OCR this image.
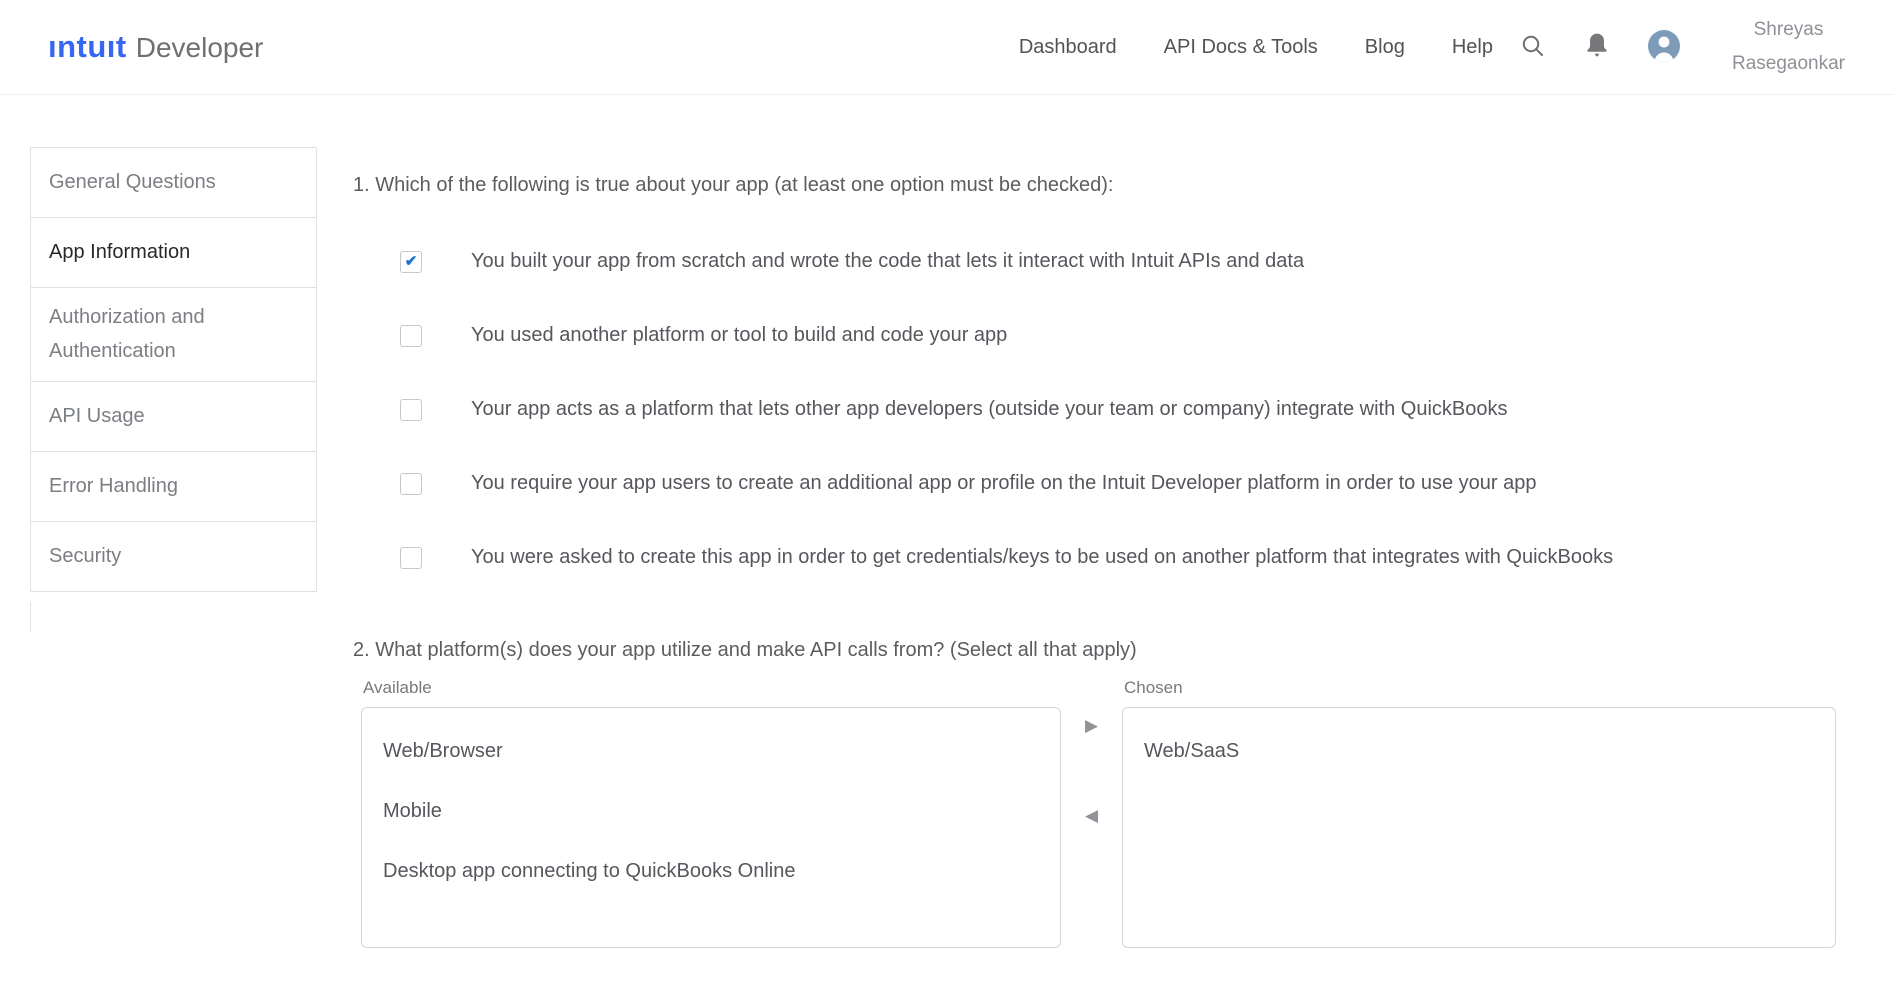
ıntuıt Developer	Dashboard API Docs & Tools Blog Help
Shreyas
Rasegaonkar
General Questions
App Information
Authorization and Authentication
API Usage
Error Handling
Security
1. Which of the following is true about your app (at least one option must be checked):
✔
You built your app from scratch and wrote the code that lets it interact with Intuit APIs and data
You used another platform or tool to build and code your app
Your app acts as a platform that lets other app developers (outside your team or company) integrate with QuickBooks
You require your app users to create an additional app or profile on the Intuit Developer platform in order to use your app
You were asked to create this app in order to get credentials/keys to be used on another platform that integrates with QuickBooks
2. What platform(s) does your app utilize and make API calls from? (Select all that apply)
Available
Web/Browser
Mobile
Desktop app connecting to QuickBooks Online
▶
◀
Chosen
Web/SaaS
